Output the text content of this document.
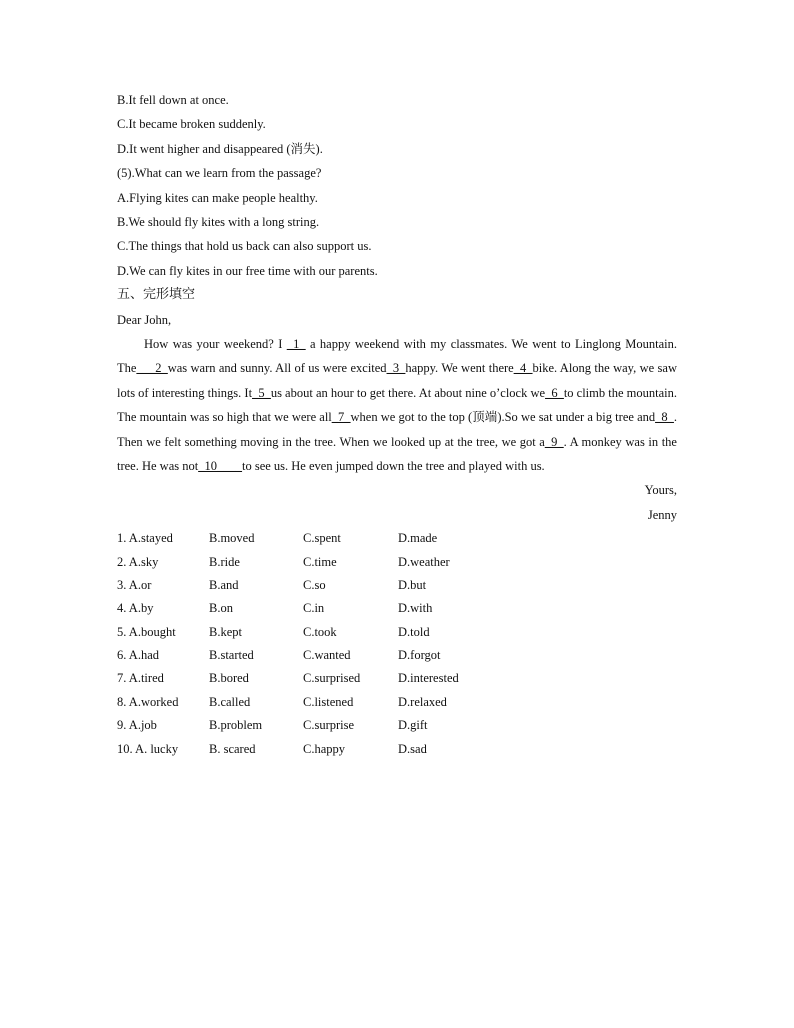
B.It fell down at once.
C.It became broken suddenly.
D.It went higher and disappeared (消失).
(5).What can we learn from the passage?
A.Flying kites can make people healthy.
B.We should fly kites with a long string.
C.The things that hold us back can also support us.
D.We can fly kites in our free time with our parents.
五、完形填空
Dear John,
How was your weekend? I _1_ a happy weekend with my classmates. We went to Linglong Mountain. The___2_was warn and sunny. All of us were excited_3_happy. We went there_4_bike. Along the way, we saw lots of interesting things. It_5_us about an hour to get there. At about nine o’clock we_6_to climb the mountain. The mountain was so high that we were all_7_when we got to the top (顶端).So we sat under a big tree and_8_. Then we felt something moving in the tree. When we looked up at the tree, we got a_9_. A monkey was in the tree. He was not_10____to see us. He even jumped down the tree and played with us.
Yours,
Jenny
1. A.stayed	B.moved	C.spent	D.made
2. A.sky	B.ride	C.time	D.weather
3. A.or	B.and	C.so	D.but
4. A.by	B.on	C.in	D.with
5. A.bought	B.kept	C.took	D.told
6. A.had	B.started	C.wanted	D.forgot
7. A.tired	B.bored	C.surprised	D.interested
8. A.worked B.called	C.listened	D.relaxed
9. A.job	B.problem	C.surprise	D.gift
10. A. lucky B. scared	C.happy	D.sad
